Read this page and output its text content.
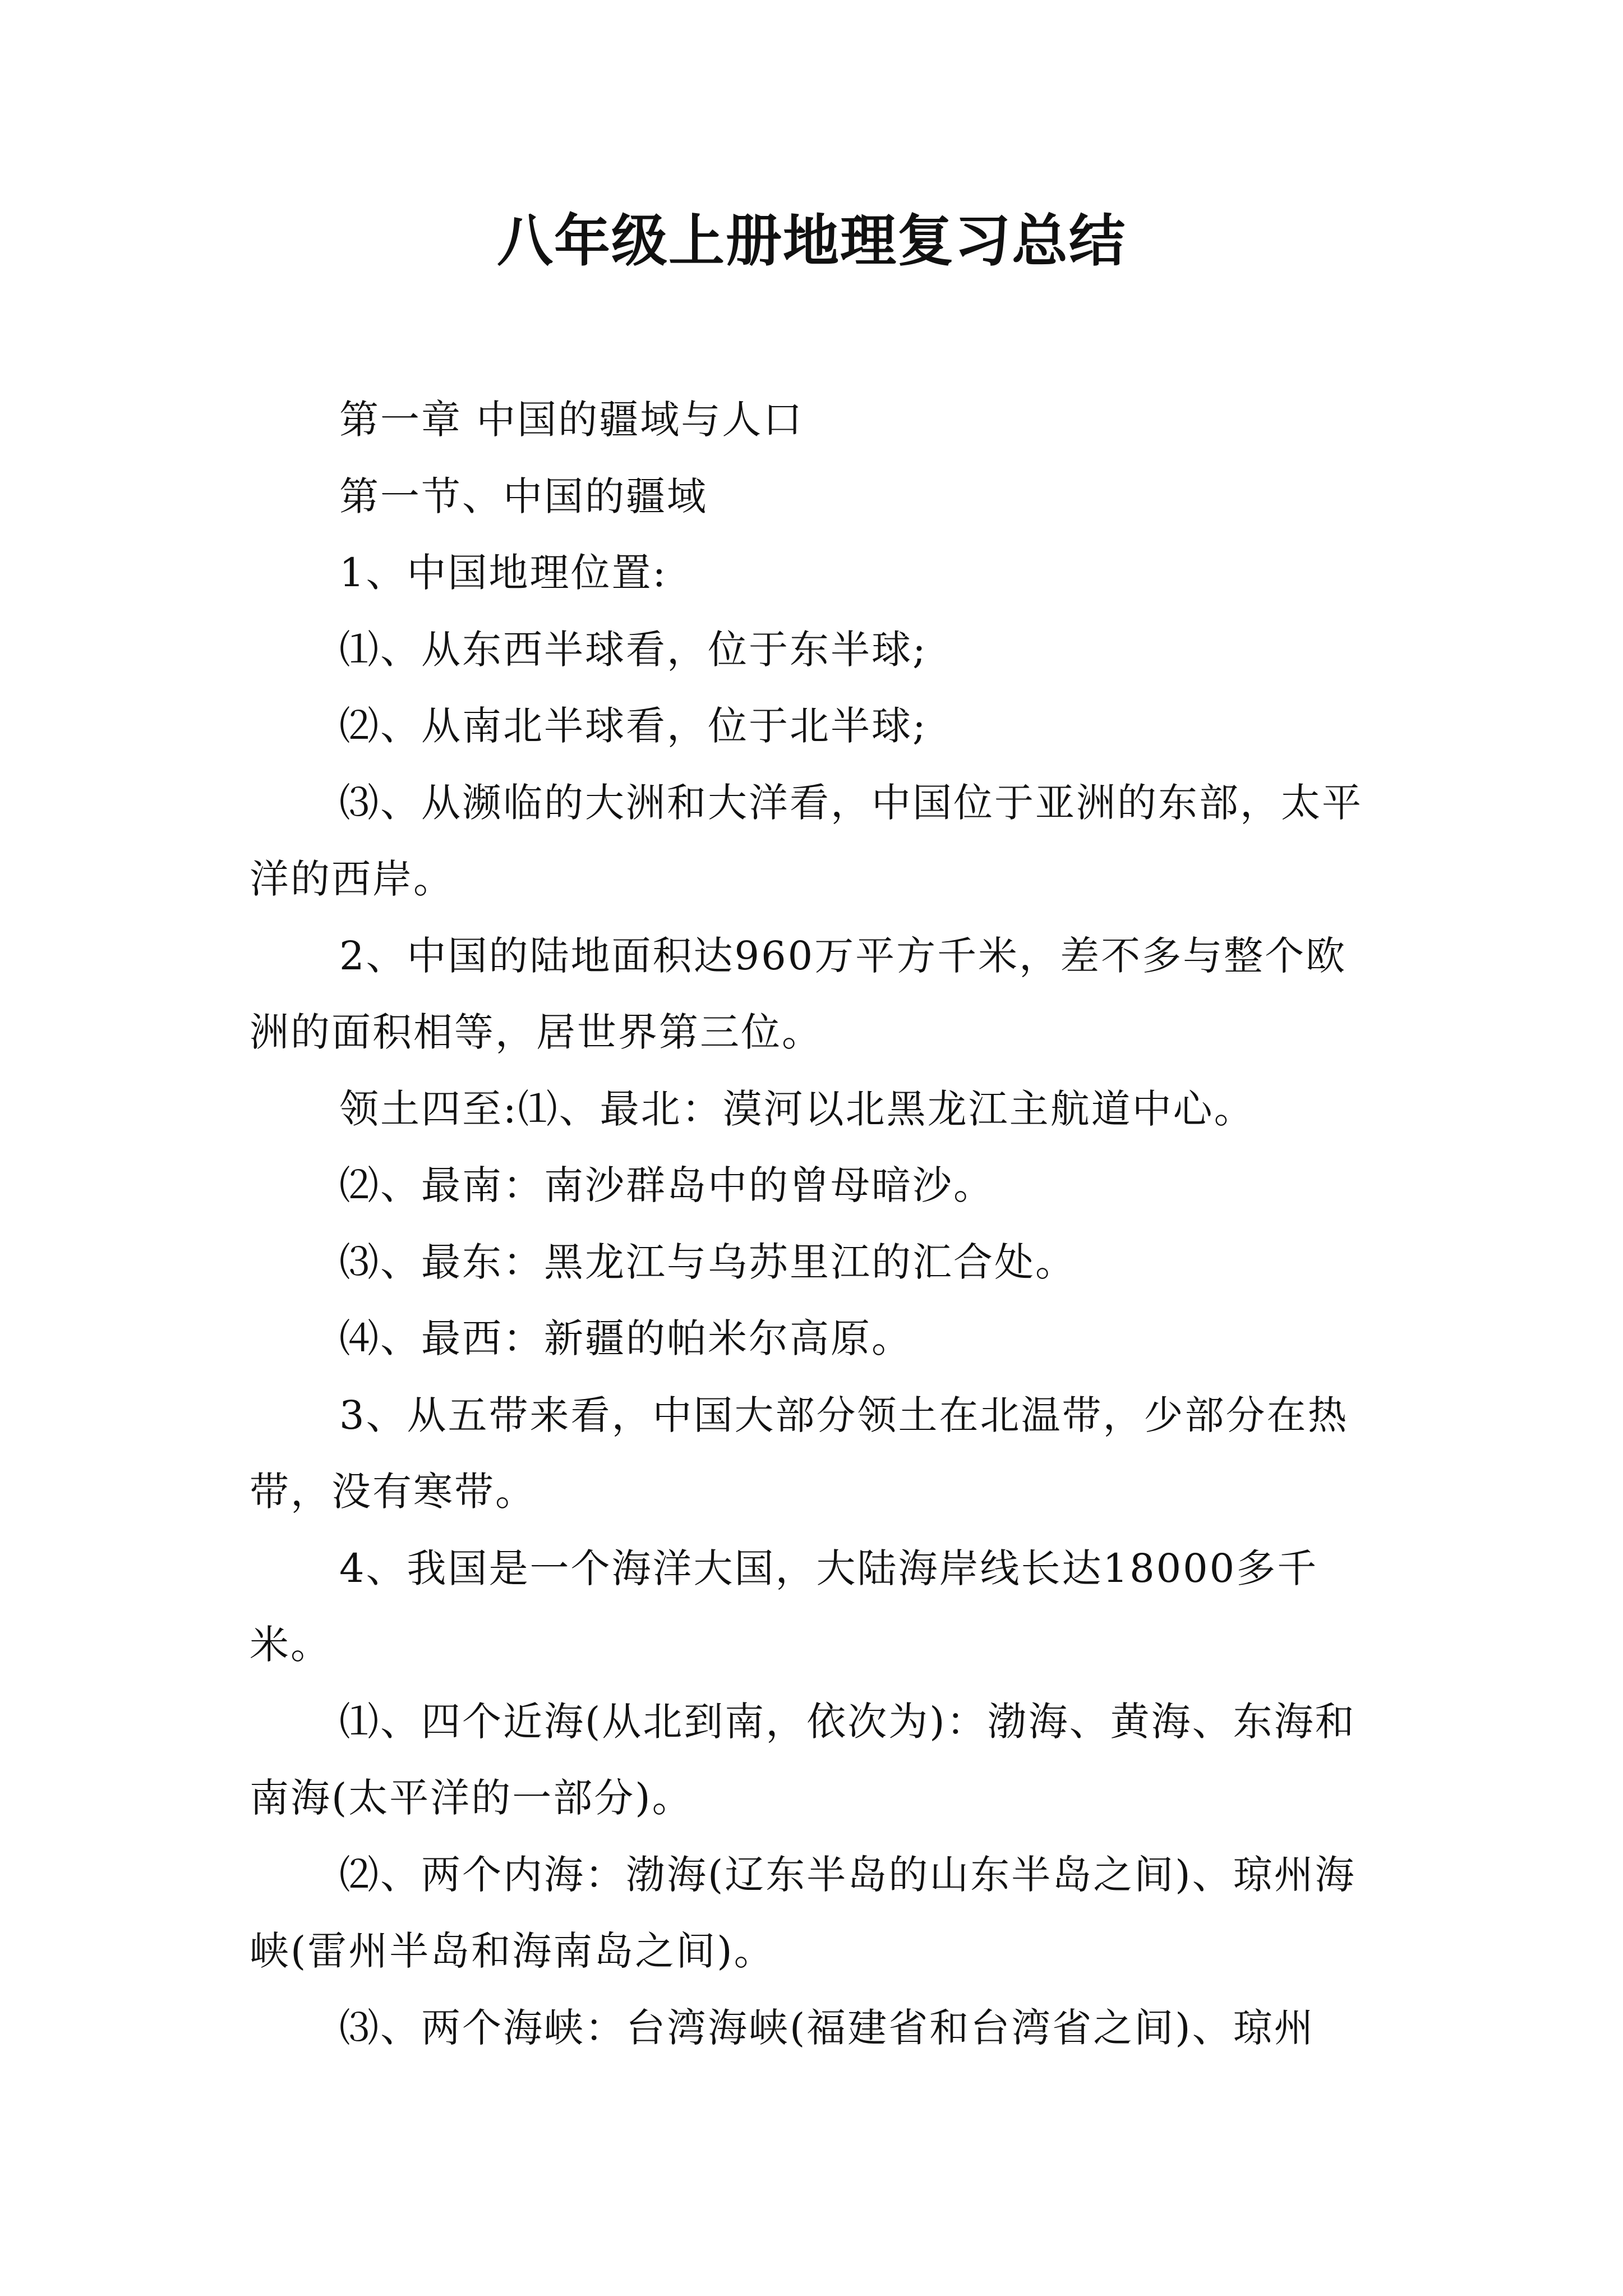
八年级上册地理复习总结

第一章 中国的疆域与人口

第一节、中国的疆域

1、中国地理位置:

⑴、从东西半球看，位于东半球;

⑵、从南北半球看，位于北半球;

⑶、从濒临的大洲和大洋看，中国位于亚洲的东部，太平洋的西岸。

2、中国的陆地面积达960万平方千米，差不多与整个欧洲的面积相等，居世界第三位。

领土四至:⑴、最北：漠河以北黑龙江主航道中心。

⑵、最南：南沙群岛中的曾母暗沙。

⑶、最东：黑龙江与乌苏里江的汇合处。

⑷、最西：新疆的帕米尔高原。

3、从五带来看，中国大部分领土在北温带，少部分在热带，没有寒带。

4、我国是一个海洋大国，大陆海岸线长达18000多千米。

⑴、四个近海(从北到南，依次为)：渤海、黄海、东海和南海(太平洋的一部分)。

⑵、两个内海：渤海(辽东半岛的山东半岛之间)、琼州海峡(雷州半岛和海南岛之间)。

⑶、两个海峡：台湾海峡(福建省和台湾省之间)、琼州
